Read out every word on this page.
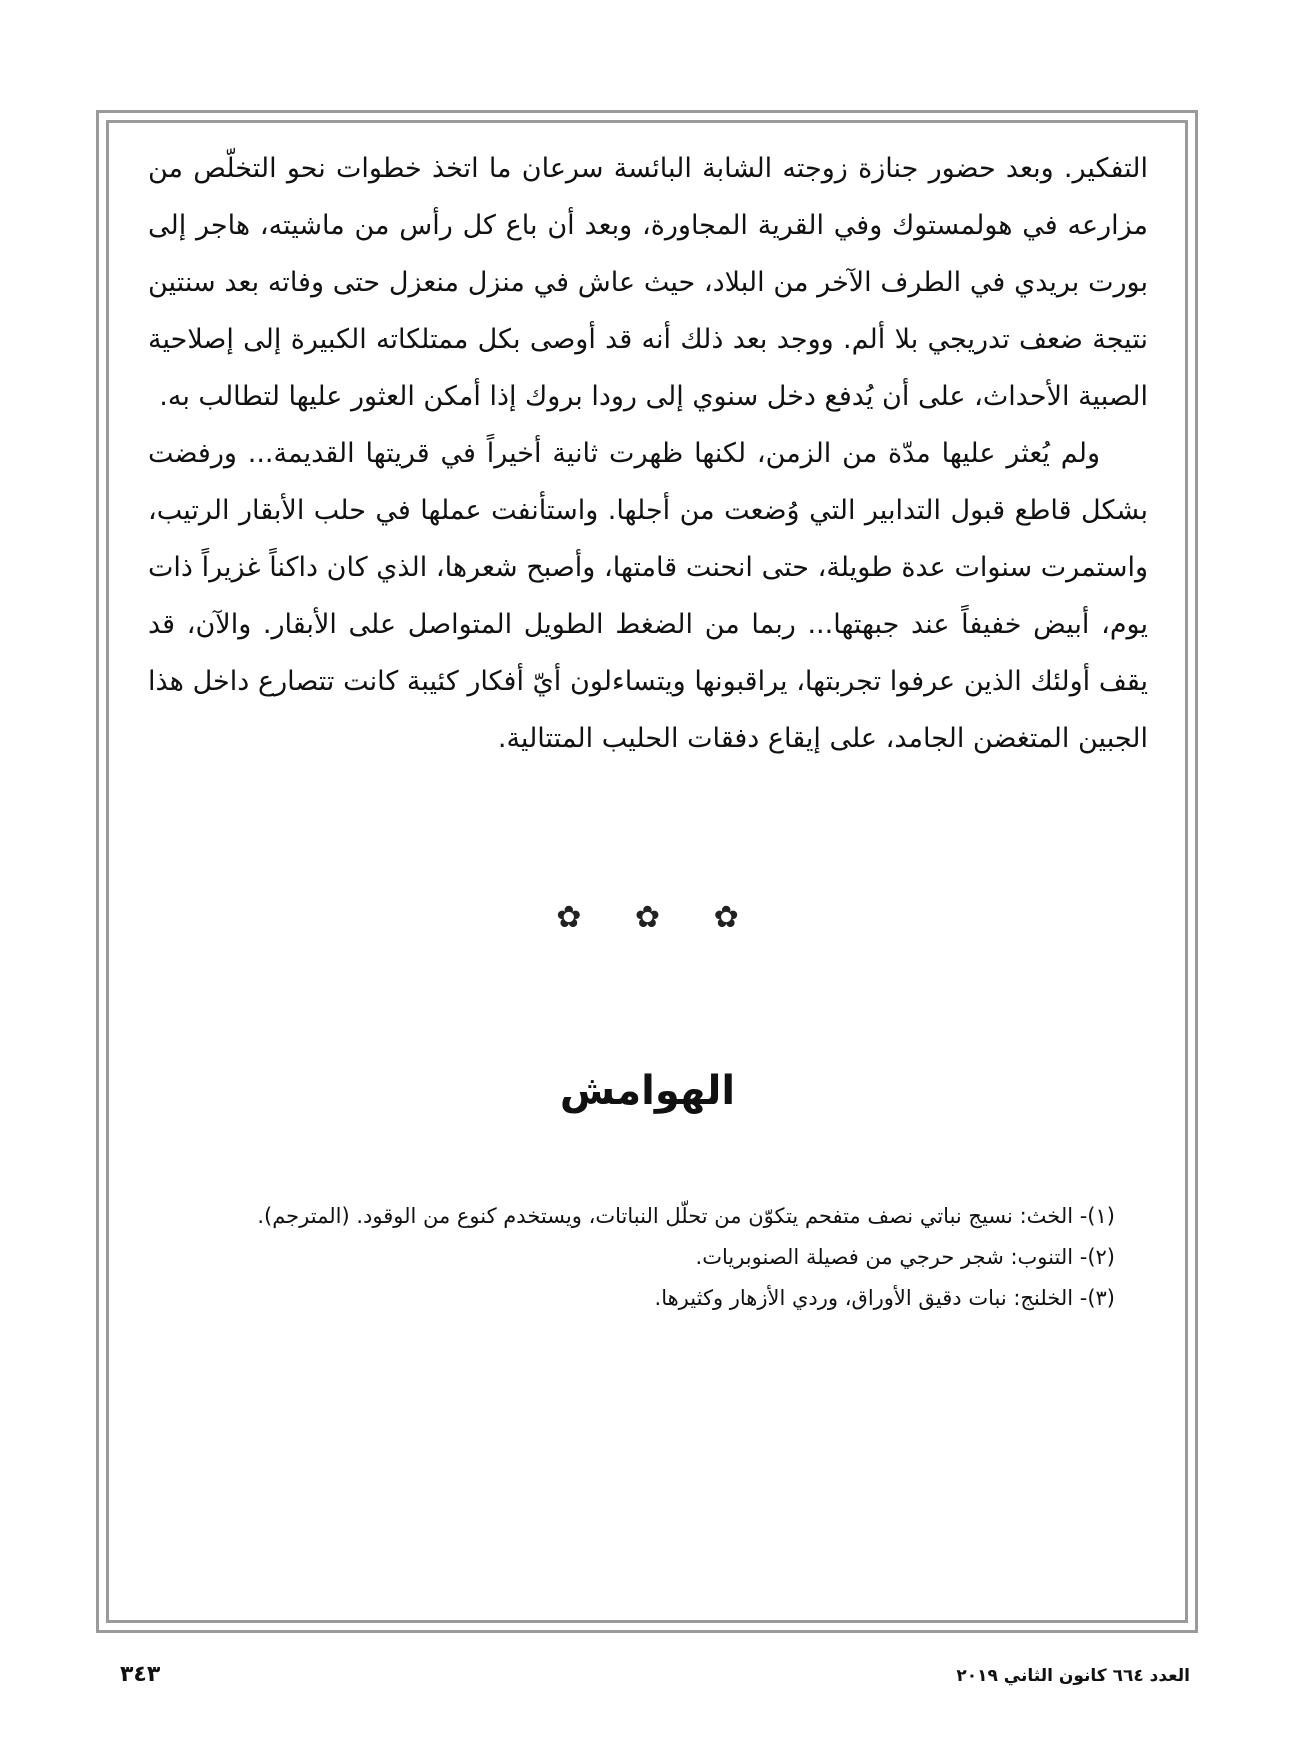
التفكير. وبعد حضور جنازة زوجته الشابة البائسة سرعان ما اتخذ خطوات نحو التخلّص من مزارعه في هولمستوك وفي القرية المجاورة، وبعد أن باع كل رأس من ماشيته، هاجر إلى بورت بريدي في الطرف الآخر من البلاد، حيث عاش في منزل منعزل حتى وفاته بعد سنتين نتيجة ضعف تدريجي بلا ألم. ووجد بعد ذلك أنه قد أوصى بكل ممتلكاته الكبيرة إلى إصلاحية الصبية الأحداث، على أن يُدفع دخل سنوي إلى رودا بروك إذا أمكن العثور عليها لتطالب به.

ولم يُعثر عليها مدّة من الزمن، لكنها ظهرت ثانية أخيراً في قريتها القديمة... ورفضت بشكل قاطع قبول التدابير التي وُضعت من أجلها. واستأنفت عملها في حلب الأبقار الرتيب، واستمرت سنوات عدة طويلة، حتى انحنت قامتها، وأصبح شعرها، الذي كان داكناً غزيراً ذات يوم، أبيض خفيفاً عند جبهتها... ربما من الضغط الطويل المتواصل على الأبقار. والآن، قد يقف أولئك الذين عرفوا تجربتها، يراقبونها ويتساءلون أيّ أفكار كئيبة كانت تتصارع داخل هذا الجبين المتغضن الجامد، على إيقاع دفقات الحليب المتتالية.

✿ ✿ ✿
الهوامش
(١)- الخث: نسيج نباتي نصف متفحم يتكوّن من تحلّل النباتات، ويستخدم كنوع من الوقود. (المترجم).
(٢)- التنوب: شجر حرجي من فصيلة الصنوبريات.
(٣)- الخلنج: نبات دقيق الأوراق، وردي الأزهار وكثيرها.
العدد ٦٦٤ كانون الثاني ٢٠١٩
٣٤٣
